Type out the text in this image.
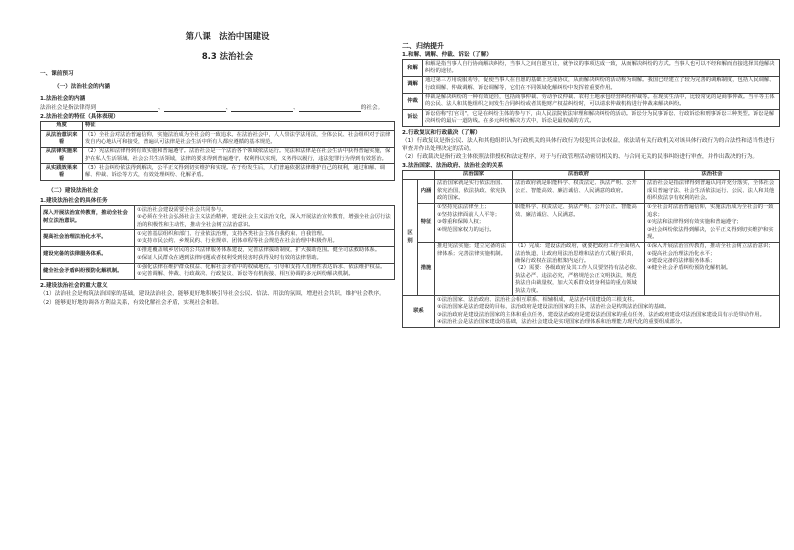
第八课　法治中国建设
8.3 法治社会
一、课前预习
（一）法治社会的内涵
1.法治社会的内涵
法治社会是指法律得到	、	、	、	的社会。
2.法治社会的特征（具体表现）
角度	特征
从法治意识来看	（1）全社会对法治普遍信仰，实施法治成为全社会的一致追求。在法治社会中，人人崇法学法用法，全体公民、社会组织对于法律发自内心地认可和接受，普遍认可法律是社会生活中所有人都应遵循的基本规范。
从法律实施来看	（2）宪法和法律得到有效实施和普遍遵守。法治社会是一个法治各个领域依法运行。宪法和法律是在社会生活中获得普遍实施，保护在私人生活领域、社会公共生活领域，法律的要求得到普遍遵守，权利得以实现，义务得以履行，违法犯罪行为得到有效惩治。
从实践效果来看	（3）社会纠纷依法得到解决，公平正义得到切实维护和实现。在于纷发生后，人们普遍依据法律维护自己的权利，通过和解、调解、仲裁、诉讼等方式，有效处理纠纷、化解矛盾。
（二）建设法治社会
1.建设法治社会的具体任务
深入开展法治宣传教育，推动全社会树立法治意识。	①法治社会建设需要全社会共同参与。
②必须在全社会弘扬社会主义法治精神，建设社会主义法治文化，深入开展法治宣传教育，增强全社会厉行法治的积极性和主动性，推动全社会树立法治意识。
提高社会治理法治化水平。	①完善基层组织和部门、行业依法治理，支持各类社会主体自我约束、自我管理。
②支持市民公约、乡规民约、行业规章、团体章程等社会规范在社会治理中积极作用。
建设完备的法律服务体系。	①推进覆盖城乡居民的公共法律服务体系建设，完善法律援助制度，扩大援助范围。健全司法救助体系。
②保证人民群众在遇到法律问题或者权利受到侵害时获得及时有效的法律帮助。
健全社会矛盾纠纷预防化解机制。	①强化法律在维护群众权益、化解社会矛盾中的权威地位，引导和支持人们理性表达诉求、依法维护权益。
②完善调解、仲裁、行政裁决、行政复议、诉讼等有机衔接、相互协调的多元纠纷解决机制。
2.建设法治社会的重大意义
（1）法治社会是构筑法治国家的基础，建设法治社会，能够更好地积极引导社会公民、信法、用法的氛围，增进社会共识，维护社会秩序。
（2）能够更好地协调各方利益关系，有效化解社会矛盾，实现社会和谐。
二、归纳提升
1.和解、调解、仲裁、诉讼（了解）
和解	和解是指当事人自行协商解决纠纷，当事人之间自愿互让，就争议的事项达成一致，从而解决纠纷的方式。当事人也可以不经和解而直接选择其他解决纠纷的途径。
调解	通过第三方用说服劝导，促使当事人在自愿的基础上达成协议，从而解决纠纷的活动称为调解。我国已经建立了较为完善的调解制度，包括人民调解、行政调解、仲裁调解、诉讼调解等，它们在不同领域化解纠纷中发挥着重要作用。
仲裁	仲裁是解决纠纷的一种有效途径，包括商事仲裁、劳动争议仲裁、农村土地承包经营纠纷仲裁等。在现实生活中，比较常见的是商事仲裁。当平等主体的公民、法人和其他组织之间发生合同纠纷或者其他财产权益纠纷时，可以请求仲裁机构进行仲裁来解决纠纷。
诉讼	诉讼俗称"打官司"，它是在纠纷主体的参与下，由人民法院依法审理和解决纠纷的活动。诉讼分为民事诉讼、行政诉讼和刑事诉讼三种类型。诉讼是解决纠纷的最后一道防线。在多元纠纷解决方式中，诉讼是最权威的方式。
2.行政复议和行政裁决（了解）
（1）行政复议是指公民、法人和其他组织认为行政机关的具体行政行为侵犯其合法权益，依法请有关行政机关对该具体行政行为的合法性和适当性进行审查并作出处理决定的活动。
（2）行政裁决是指行政主体依照法律授权和法定程序，对于与行政管理活动密切相关的、与合同无关的民事纠纷进行审查，并作出裁决的行为。
3.法治国家、法治政府、法治社会的关系
		法治国家	法治政府	法治社会
区别	内涵	法治国家就是实行依法治国、依宪治国，依法执政、依宪执政的国家。	法治政府就是职能科学、权责法定、执法严明、公开公正、智能高效、廉洁诚信、人民满意的政府。	法治社会是指法律得到普遍认同并充分落实，全体社会成员普遍守法、社会生活依法运行、公民、法人和其他组织依法享有权利的社会。
	特征	①坚持宪法法律至上；
②坚持法律面前人人平等；
③尊重和保障人权；
④规范国家权力的运行。	职能科学、权责法定、执法严明、公开公正、智能高效、廉洁诚信、人民满意。	①全社会对法治普遍信仰，实施法治成为全社会的一致追求；
②宪法和法律得到有效实施和普遍遵守；
③社会纠纷依法得到解决，公平正义得到切实维护和实现。
	措施	推进宪法实施；建立完备的法律体系；完善法律实施机制。	（1）完成：建设法治政府，就要把政府工作全面纳入法治轨道，让政府用法治思维和法治方式履行职责，确保行政权在法治框架内运行。
（2）需要：各级政府及其工作人员要坚持有法必依、执法必严、违法必究，严格规范公正文明执法，规范执法自由裁量权，加大关系群众切身利益的重点领域执法力度。	①深入开展法治宣传教育，推动全社会树立法治意识；
②提高社会治理法治化水平；
③建设完备的法律服务体系；
④健全社会矛盾纠纷预防化解机制。
联系		①法治国家、法治政府、法治社会相互联系、相辅相成，是法治中国建设的三根支柱。
②法治国家是法治建设的目标，法治政府是建设法治国家的主体，法治社会是构筑法治国家的基础。
③法治政府是建设法治国家的主体和重点任务，建设法治政府是建设法治国家的重点任务，法治政府建设对法治国家建设具有示范带动作用。
④法治社会是法治国家建设的基础，法治社会建设是实现国家治理体系和治理能力现代化的重要组成部分。		
